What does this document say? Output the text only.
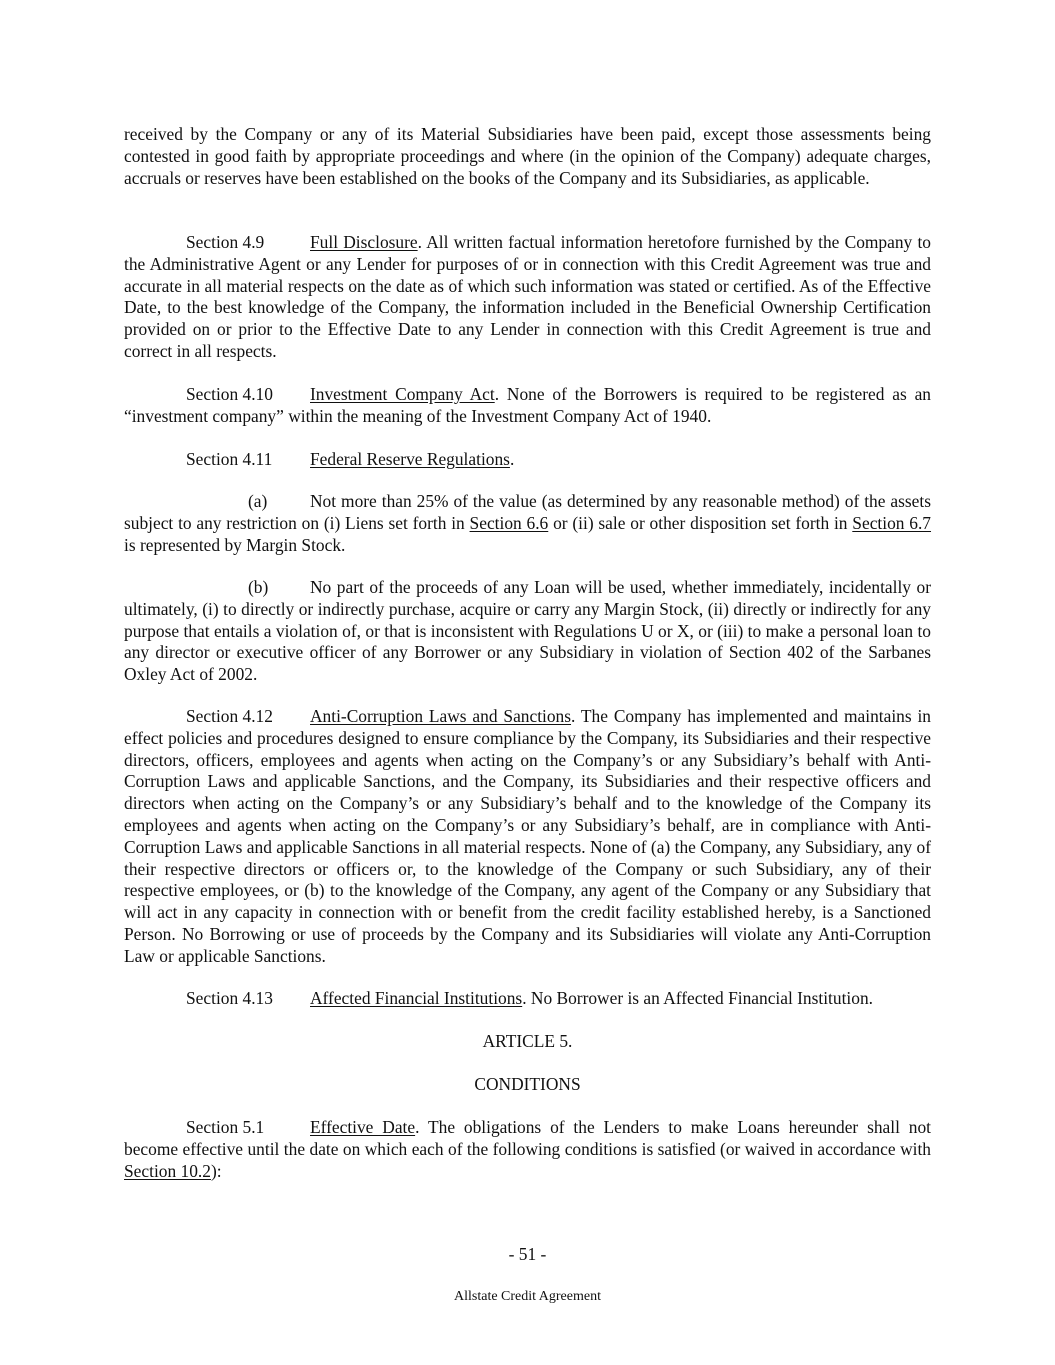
received by the Company or any of its Material Subsidiaries have been paid, except those assessments being contested in good faith by appropriate proceedings and where (in the opinion of the Company) adequate charges, accruals or reserves have been established on the books of the Company and its Subsidiaries, as applicable.
Section 4.9	Full Disclosure. All written factual information heretofore furnished by the Company to the Administrative Agent or any Lender for purposes of or in connection with this Credit Agreement was true and accurate in all material respects on the date as of which such information was stated or certified. As of the Effective Date, to the best knowledge of the Company, the information included in the Beneficial Ownership Certification provided on or prior to the Effective Date to any Lender in connection with this Credit Agreement is true and correct in all respects.
Section 4.10 Investment Company Act. None of the Borrowers is required to be registered as an “investment company” within the meaning of the Investment Company Act of 1940.
Section 4.11 Federal Reserve Regulations.
(a) Not more than 25% of the value (as determined by any reasonable method) of the assets subject to any restriction on (i) Liens set forth in Section 6.6 or (ii) sale or other disposition set forth in Section 6.7 is represented by Margin Stock.
(b) No part of the proceeds of any Loan will be used, whether immediately, incidentally or ultimately, (i) to directly or indirectly purchase, acquire or carry any Margin Stock, (ii) directly or indirectly for any purpose that entails a violation of, or that is inconsistent with Regulations U or X, or (iii) to make a personal loan to any director or executive officer of any Borrower or any Subsidiary in violation of Section 402 of the Sarbanes Oxley Act of 2002.
Section 4.12 Anti-Corruption Laws and Sanctions. The Company has implemented and maintains in effect policies and procedures designed to ensure compliance by the Company, its Subsidiaries and their respective directors, officers, employees and agents when acting on the Company’s or any Subsidiary’s behalf with Anti-Corruption Laws and applicable Sanctions, and the Company, its Subsidiaries and their respective officers and directors when acting on the Company’s or any Subsidiary’s behalf and to the knowledge of the Company its employees and agents when acting on the Company’s or any Subsidiary’s behalf, are in compliance with Anti-Corruption Laws and applicable Sanctions in all material respects. None of (a) the Company, any Subsidiary, any of their respective directors or officers or, to the knowledge of the Company or such Subsidiary, any of their respective employees, or (b) to the knowledge of the Company, any agent of the Company or any Subsidiary that will act in any capacity in connection with or benefit from the credit facility established hereby, is a Sanctioned Person. No Borrowing or use of proceeds by the Company and its Subsidiaries will violate any Anti-Corruption Law or applicable Sanctions.
Section 4.13 Affected Financial Institutions. No Borrower is an Affected Financial Institution.
ARTICLE 5.
CONDITIONS
Section 5.1	Effective Date. The obligations of the Lenders to make Loans hereunder shall not become effective until the date on which each of the following conditions is satisfied (or waived in accordance with Section 10.2):
- 51 -
Allstate Credit Agreement
